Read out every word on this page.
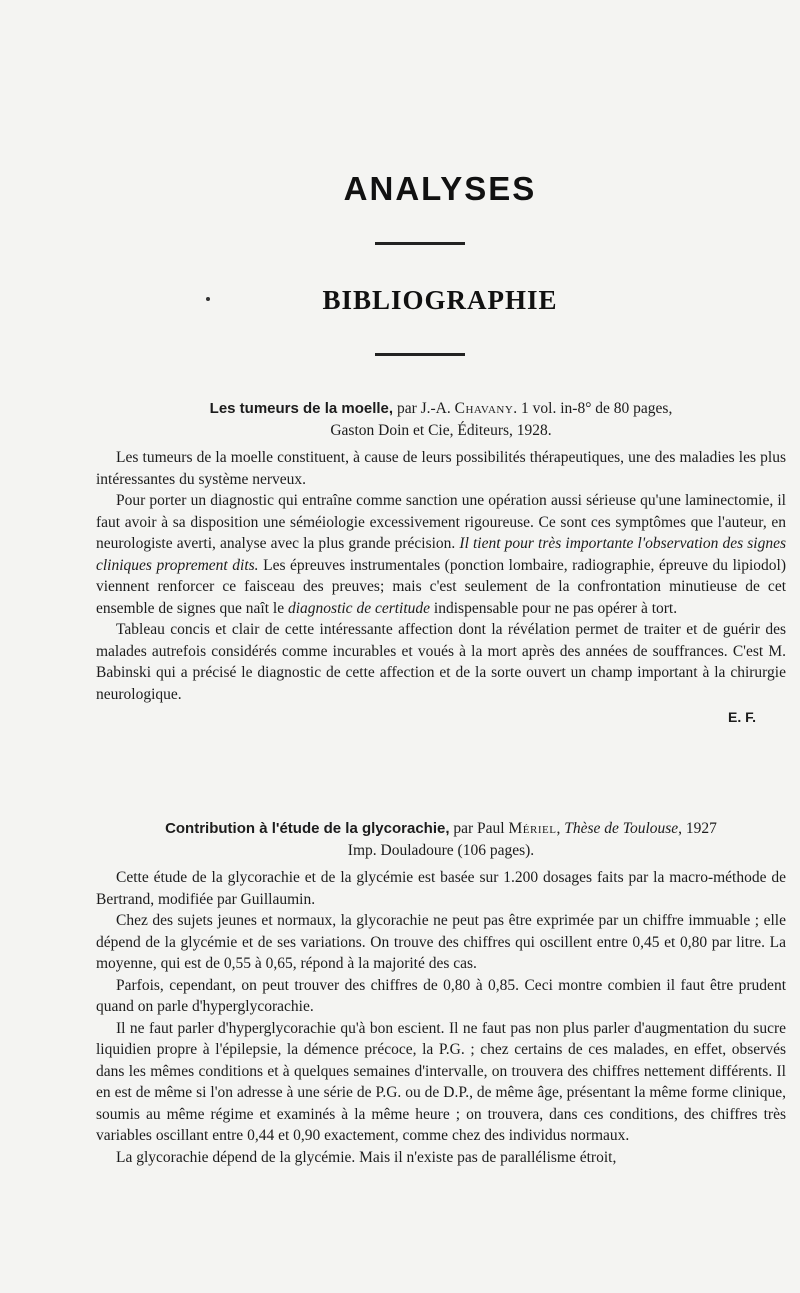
ANALYSES
BIBLIOGRAPHIE
Les tumeurs de la moelle, par J.-A. Chavany. 1 vol. in-8° de 80 pages,
Gaston Doin et Cie, Éditeurs, 1928.

Les tumeurs de la moelle constituent, à cause de leurs possibilités thérapeutiques, une des maladies les plus intéressantes du système nerveux.

Pour porter un diagnostic qui entraîne comme sanction une opération aussi sérieuse qu'une laminectomie, il faut avoir à sa disposition une séméiologie excessivement rigoureuse. Ce sont ces symptômes que l'auteur, en neurologiste averti, analyse avec la plus grande précision. Il tient pour très importante l'observation des signes cliniques proprement dits. Les épreuves instrumentales (ponction lombaire, radiographie, épreuve du lipiodol) viennent renforcer ce faisceau des preuves; mais c'est seulement de la confrontation minutieuse de cet ensemble de signes que naît le diagnostic de certitude indispensable pour ne pas opérer à tort.

Tableau concis et clair de cette intéressante affection dont la révélation permet de traiter et de guérir des malades autrefois considérés comme incurables et voués à la mort après des années de souffrances. C'est M. Babinski qui a précisé le diagnostic de cette affection et de la sorte ouvert un champ important à la chirurgie neurologique.

E. F.
Contribution à l'étude de la glycorachie, par Paul Mériel, Thèse de Toulouse, 1927
Imp. Douladoure (106 pages).

Cette étude de la glycorachie et de la glycémie est basée sur 1.200 dosages faits par la macro-méthode de Bertrand, modifiée par Guillaumin.

Chez des sujets jeunes et normaux, la glycorachie ne peut pas être exprimée par un chiffre immuable ; elle dépend de la glycémie et de ses variations. On trouve des chiffres qui oscillent entre 0,45 et 0,80 par litre. La moyenne, qui est de 0,55 à 0,65, répond à la majorité des cas.

Parfois, cependant, on peut trouver des chiffres de 0,80 à 0,85. Ceci montre combien il faut être prudent quand on parle d'hyperglycorachie.

Il ne faut parler d'hyperglycorachie qu'à bon escient. Il ne faut pas non plus parler d'augmentation du sucre liquidien propre à l'épilepsie, la démence précoce, la P.G. ; chez certains de ces malades, en effet, observés dans les mêmes conditions et à quelques semaines d'intervalle, on trouvera des chiffres nettement différents. Il en est de même si l'on adresse à une série de P.G. ou de D.P., de même âge, présentant la même forme clinique, soumis au même régime et examinés à la même heure ; on trouvera, dans ces conditions, des chiffres très variables oscillant entre 0,44 et 0,90 exactement, comme chez des individus normaux.

La glycorachie dépend de la glycémie. Mais il n'existe pas de parallélisme étroit,
